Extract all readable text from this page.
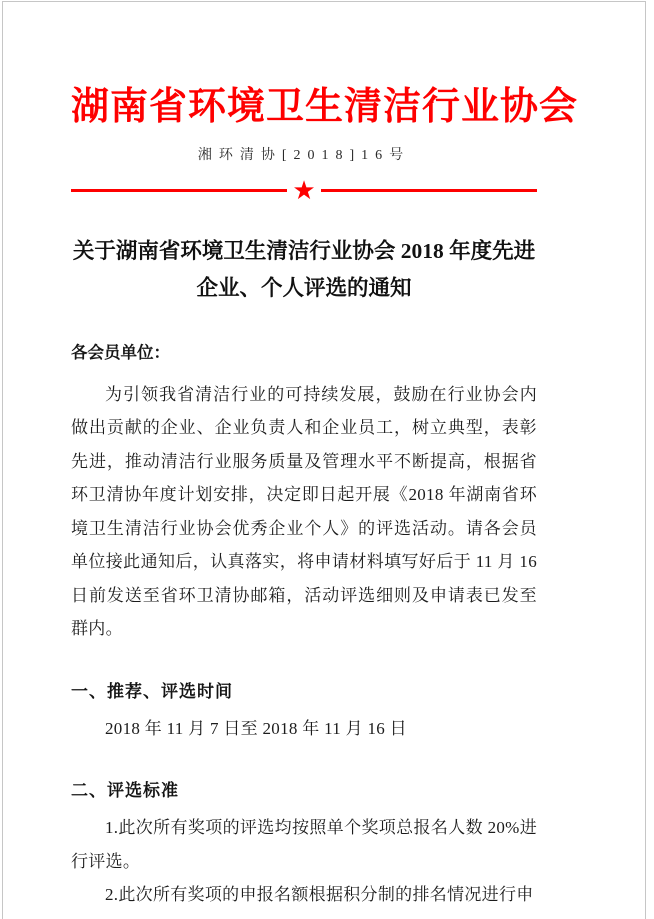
湖南省环境卫生清洁行业协会
湘环清协[2018]16号
★
关于湖南省环境卫生清洁行业协会 2018 年度先进
企业、个人评选的通知
各会员单位：

为引领我省清洁行业的可持续发展，鼓励在行业协会内做出贡献的企业、企业负责人和企业员工，树立典型，表彰先进，推动清洁行业服务质量及管理水平不断提高，根据省环卫清协年度计划安排，决定即日起开展《2018 年湖南省环境卫生清洁行业协会优秀企业个人》的评选活动。请各会员单位接此通知后，认真落实，将申请材料填写好后于 11 月 16 日前发送至省环卫清协邮箱，活动评选细则及申请表已发至群内。

一、推荐、评选时间

2018 年 11 月 7 日至 2018 年 11 月 16 日

二、评选标准

1.此次所有奖项的评选均按照单个奖项总报名人数 20%进行评选。

2.此次所有奖项的申报名额根据积分制的排名情况进行申
